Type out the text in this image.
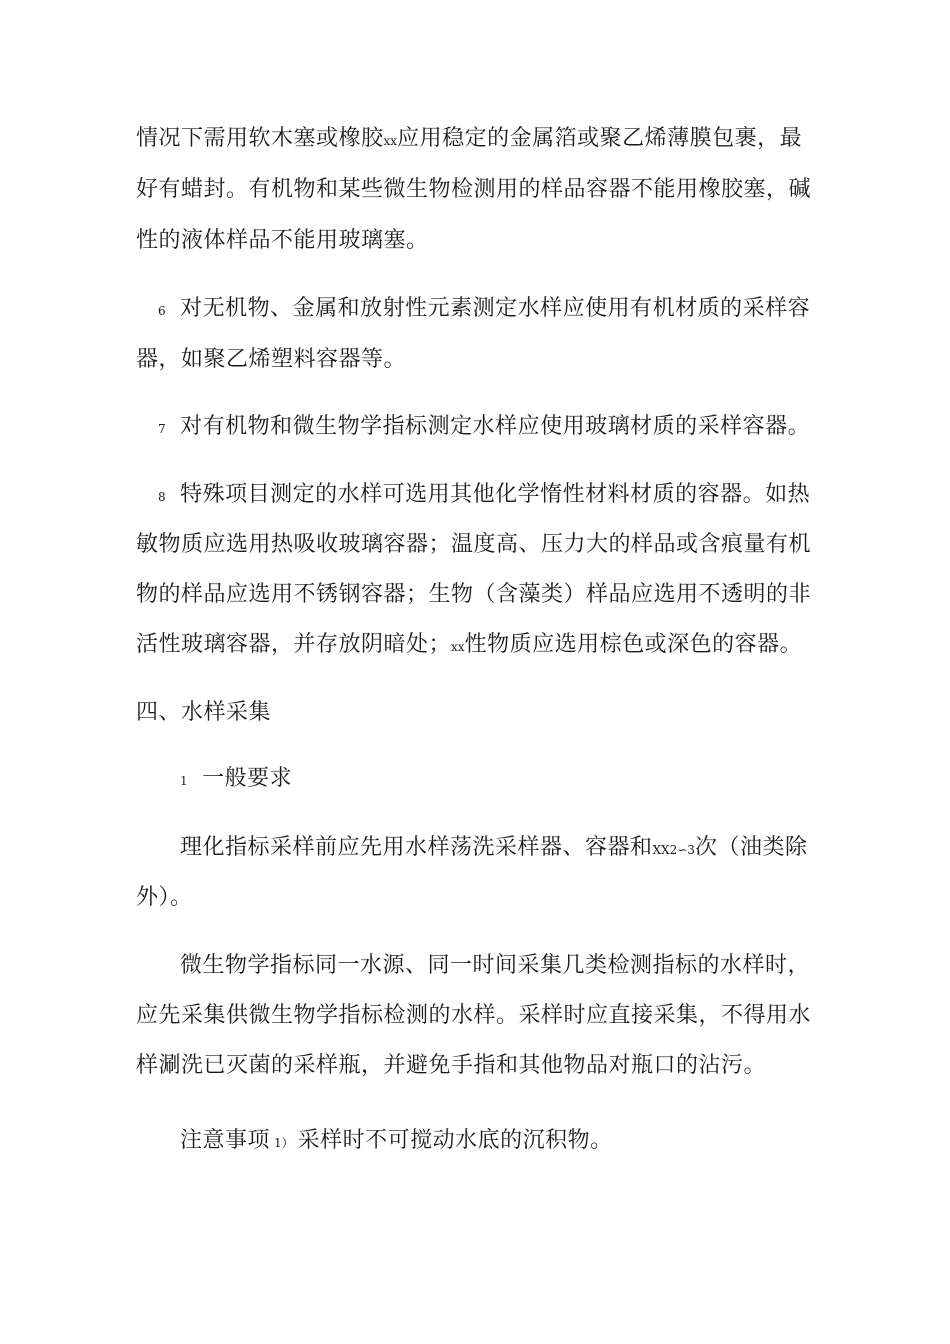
情况下需用软木塞或橡胶xx应用稳定的金属箔或聚乙烯薄膜包裹，最
好有蜡封。有机物和某些微生物检测用的样品容器不能用橡胶塞，碱
性的液体样品不能用玻璃塞。
6 对无机物、金属和放射性元素测定水样应使用有机材质的采样容
器，如聚乙烯塑料容器等。
7 对有机物和微生物学指标测定水样应使用玻璃材质的采样容器。
8 特殊项目测定的水样可选用其他化学惰性材料材质的容器。如热
敏物质应选用热吸收玻璃容器；温度高、压力大的样品或含痕量有机
物的样品应选用不锈钢容器；生物（含藻类）样品应选用不透明的非
活性玻璃容器，并存放阴暗处；xx性物质应选用棕色或深色的容器。
四、水样采集
1 一般要求
理化指标采样前应先用水样荡洗采样器、容器和XX2∽3次（油类除
外）。
微生物学指标同一水源、同一时间采集几类检测指标的水样时，
应先采集供微生物学指标检测的水样。采样时应直接采集，不得用水
样涮洗已灭菌的采样瓶，并避免手指和其他物品对瓶口的沾污。
注意事项 1） 采样时不可搅动水底的沉积物。
